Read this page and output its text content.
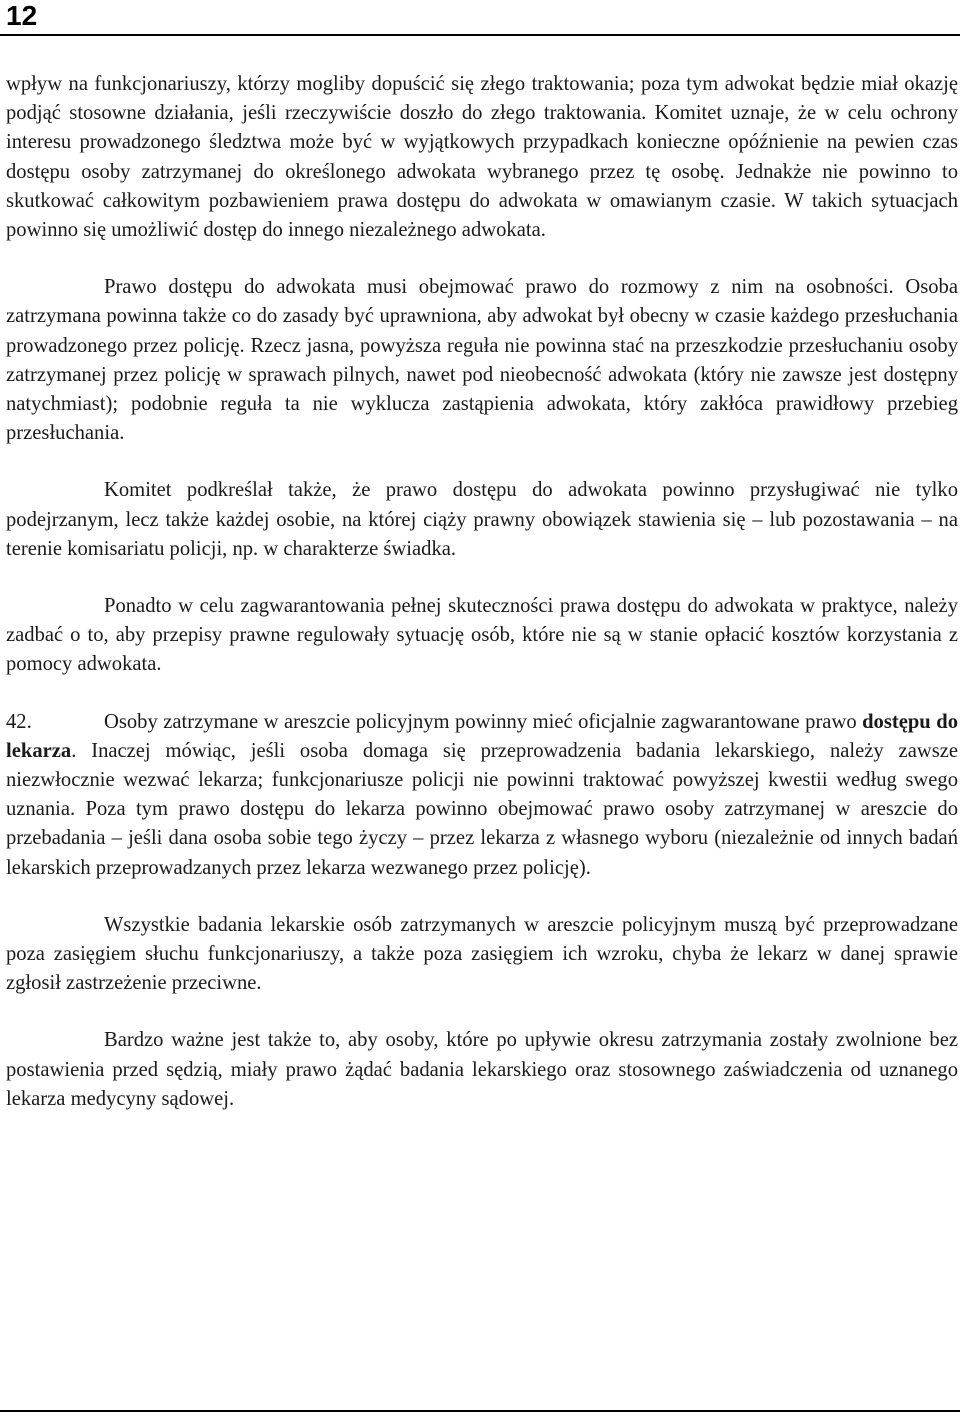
12

wpływ na funkcjonariuszy, którzy mogliby dopuścić się złego traktowania; poza tym adwokat będzie miał okazję podjąć stosowne działania, jeśli rzeczywiście doszło do złego traktowania. Komitet uznaje, że w celu ochrony interesu prowadzonego śledztwa może być w wyjątkowych przypadkach konieczne opóźnienie na pewien czas dostępu osoby zatrzymanej do określonego adwokata wybranego przez tę osobę. Jednakże nie powinno to skutkować całkowitym pozbawieniem prawa dostępu do adwokata w omawianym czasie. W takich sytuacjach powinno się umożliwić dostęp do innego niezależnego adwokata.

Prawo dostępu do adwokata musi obejmować prawo do rozmowy z nim na osobności. Osoba zatrzymana powinna także co do zasady być uprawniona, aby adwokat był obecny w czasie każdego przesłuchania prowadzonego przez policję. Rzecz jasna, powyższa reguła nie powinna stać na przeszkodzie przesłuchaniu osoby zatrzymanej przez policję w sprawach pilnych, nawet pod nieobecność adwokata (który nie zawsze jest dostępny natychmiast); podobnie reguła ta nie wyklucza zastąpienia adwokata, który zakłóca prawidłowy przebieg przesłuchania.

Komitet podkreślał także, że prawo dostępu do adwokata powinno przysługiwać nie tylko podejrzanym, lecz także każdej osobie, na której ciąży prawny obowiązek stawienia się – lub pozostawania – na terenie komisariatu policji, np. w charakterze świadka.

Ponadto w celu zagwarantowania pełnej skuteczności prawa dostępu do adwokata w praktyce, należy zadbać o to, aby przepisy prawne regulowały sytuację osób, które nie są w stanie opłacić kosztów korzystania z pomocy adwokata.

42.	Osoby zatrzymane w areszcie policyjnym powinny mieć oficjalnie zagwarantowane prawo dostępu do lekarza. Inaczej mówiąc, jeśli osoba domaga się przeprowadzenia badania lekarskiego, należy zawsze niezwłocznie wezwać lekarza; funkcjonariusze policji nie powinni traktować powyższej kwestii według swego uznania. Poza tym prawo dostępu do lekarza powinno obejmować prawo osoby zatrzymanej w areszcie do przebadania – jeśli dana osoba sobie tego życzy – przez lekarza z własnego wyboru (niezależnie od innych badań lekarskich przeprowadzanych przez lekarza wezwanego przez policję).

Wszystkie badania lekarskie osób zatrzymanych w areszcie policyjnym muszą być przeprowadzane poza zasięgiem słuchu funkcjonariuszy, a także poza zasięgiem ich wzroku, chyba że lekarz w danej sprawie zgłosił zastrzeżenie przeciwne.

Bardzo ważne jest także to, aby osoby, które po upływie okresu zatrzymania zostały zwolnione bez postawienia przed sędzią, miały prawo żądać badania lekarskiego oraz stosownego zaświadczenia od uznanego lekarza medycyny sądowej.
